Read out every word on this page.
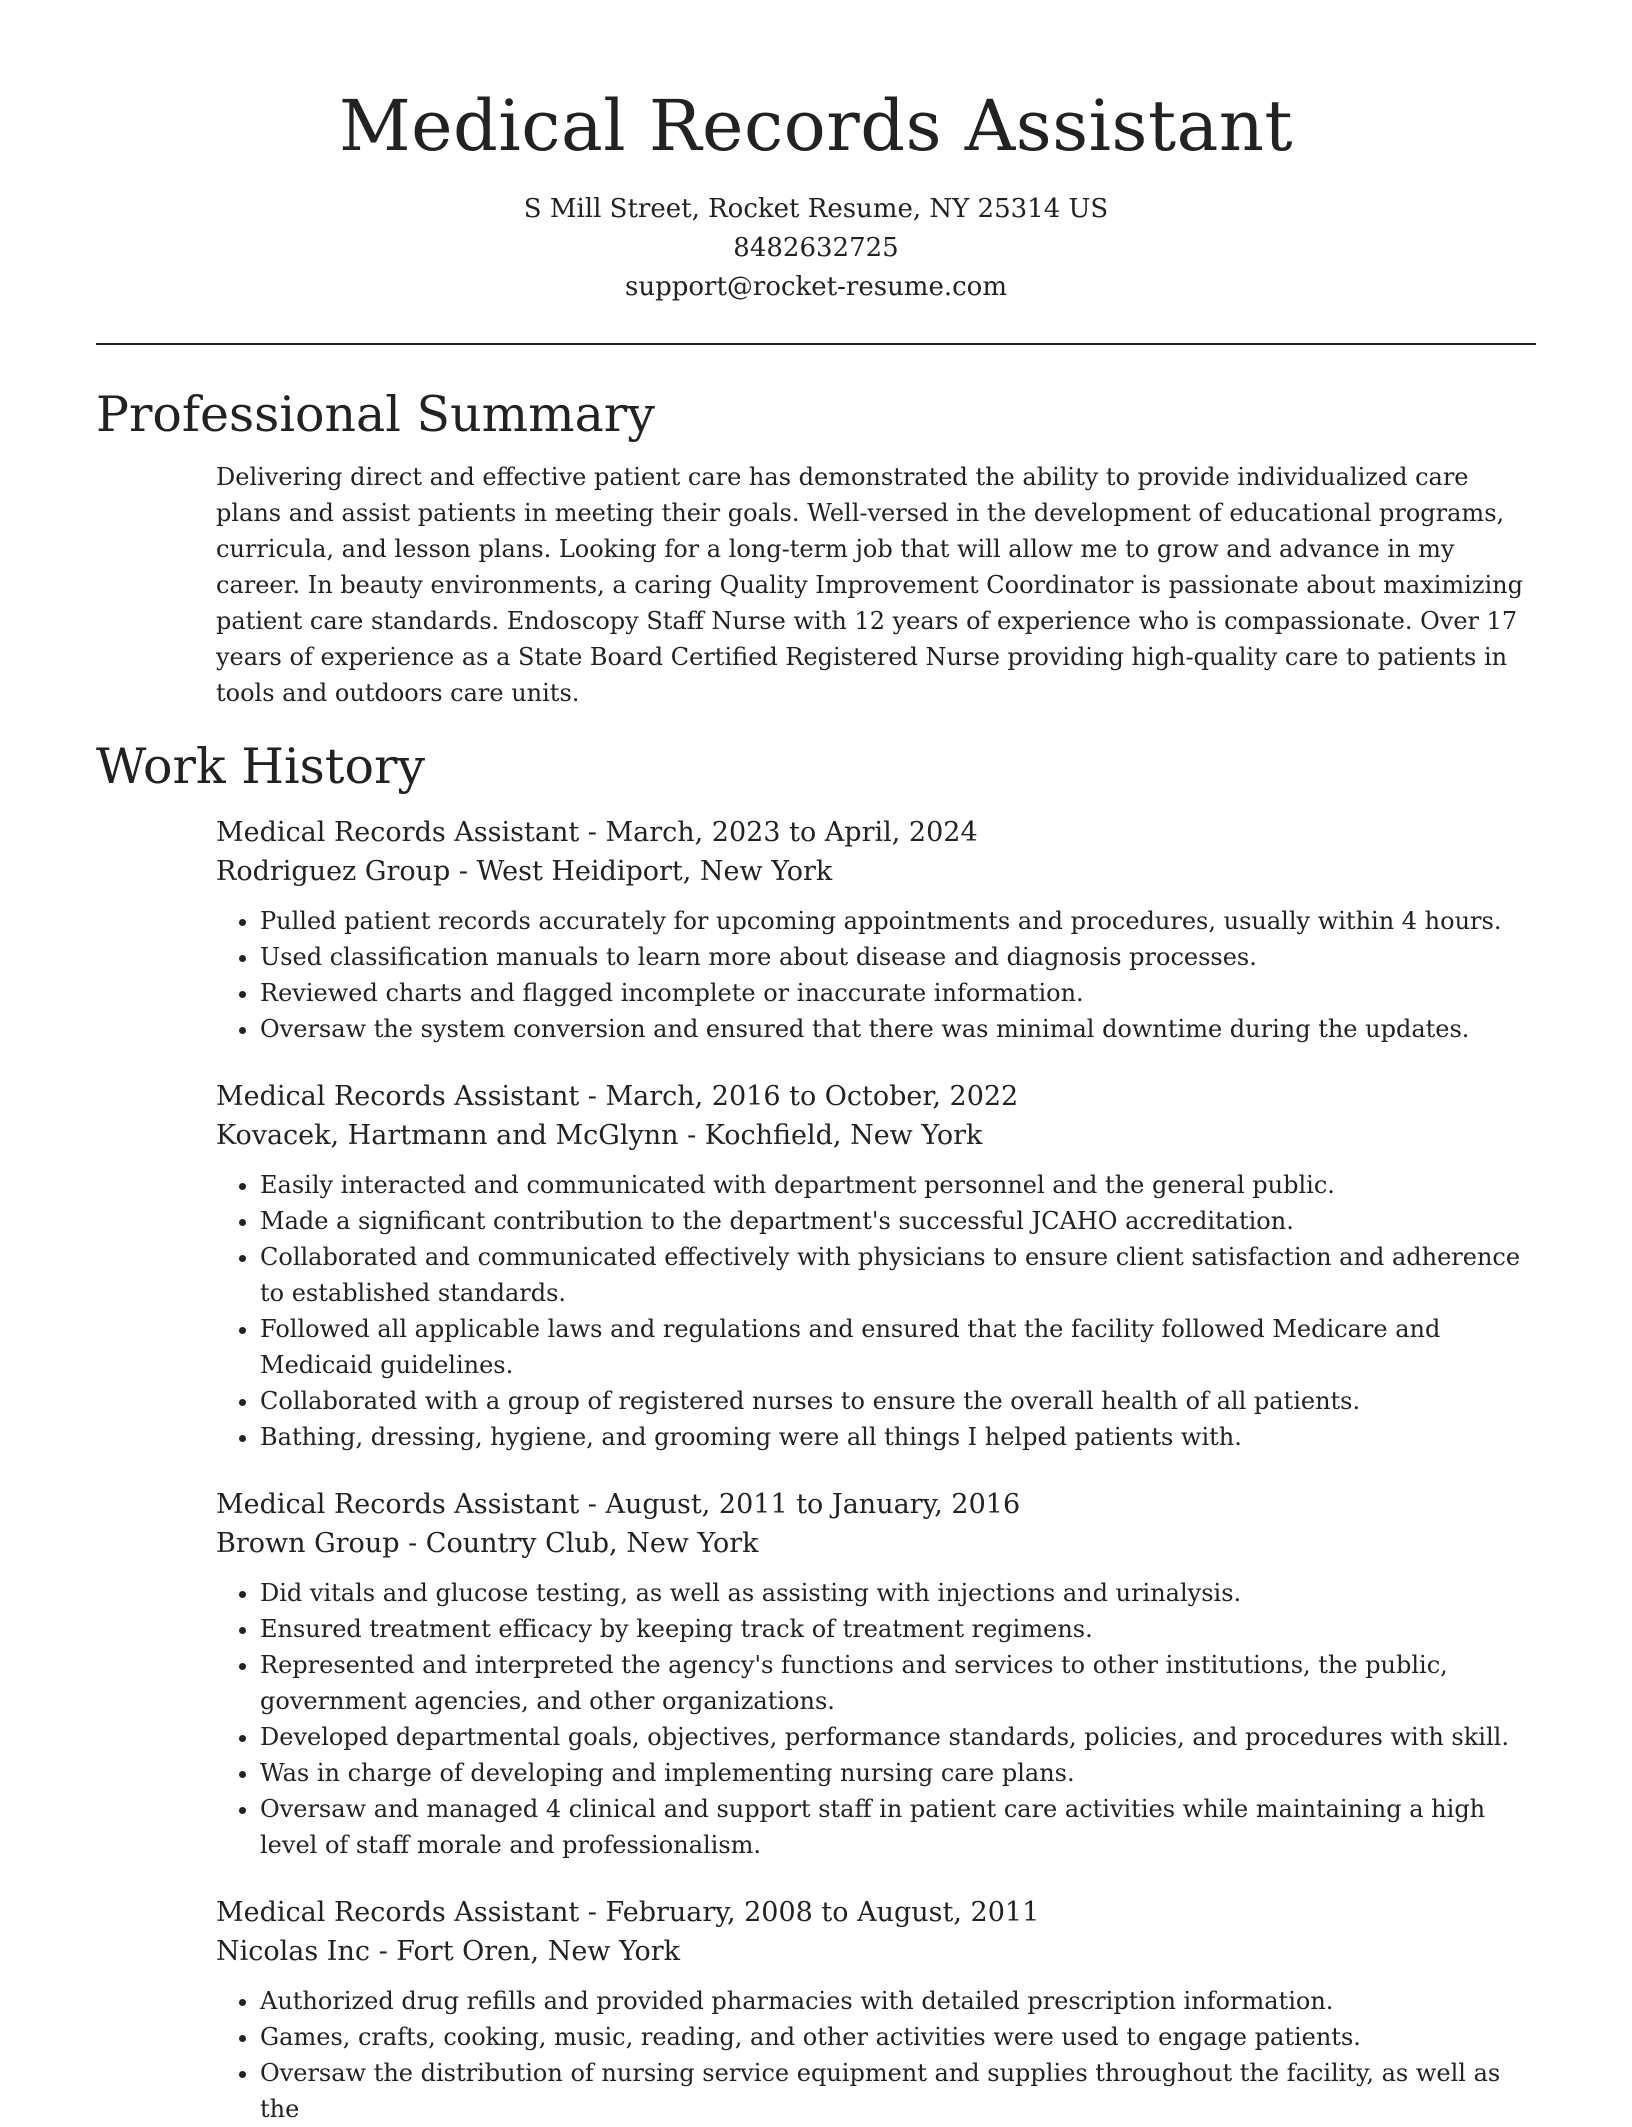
Medical Records Assistant
S Mill Street, Rocket Resume, NY 25314 US
8482632725
support@rocket-resume.com
Professional Summary
Delivering direct and effective patient care has demonstrated the ability to provide individualized care plans and assist patients in meeting their goals. Well-versed in the development of educational programs, curricula, and lesson plans. Looking for a long-term job that will allow me to grow and advance in my career. In beauty environments, a caring Quality Improvement Coordinator is passionate about maximizing patient care standards. Endoscopy Staff Nurse with 12 years of experience who is compassionate. Over 17 years of experience as a State Board Certified Registered Nurse providing high-quality care to patients in tools and outdoors care units.
Work History
Medical Records Assistant - March, 2023 to April, 2024
Rodriguez Group - West Heidiport, New York
• Pulled patient records accurately for upcoming appointments and procedures, usually within 4 hours.
• Used classification manuals to learn more about disease and diagnosis processes.
• Reviewed charts and flagged incomplete or inaccurate information.
• Oversaw the system conversion and ensured that there was minimal downtime during the updates.
Medical Records Assistant - March, 2016 to October, 2022
Kovacek, Hartmann and McGlynn - Kochfield, New York
• Easily interacted and communicated with department personnel and the general public.
• Made a significant contribution to the department's successful JCAHO accreditation.
• Collaborated and communicated effectively with physicians to ensure client satisfaction and adherence to established standards.
• Followed all applicable laws and regulations and ensured that the facility followed Medicare and Medicaid guidelines.
• Collaborated with a group of registered nurses to ensure the overall health of all patients.
• Bathing, dressing, hygiene, and grooming were all things I helped patients with.
Medical Records Assistant - August, 2011 to January, 2016
Brown Group - Country Club, New York
• Did vitals and glucose testing, as well as assisting with injections and urinalysis.
• Ensured treatment efficacy by keeping track of treatment regimens.
• Represented and interpreted the agency's functions and services to other institutions, the public, government agencies, and other organizations.
• Developed departmental goals, objectives, performance standards, policies, and procedures with skill.
• Was in charge of developing and implementing nursing care plans.
• Oversaw and managed 4 clinical and support staff in patient care activities while maintaining a high level of staff morale and professionalism.
Medical Records Assistant - February, 2008 to August, 2011
Nicolas Inc - Fort Oren, New York
• Authorized drug refills and provided pharmacies with detailed prescription information.
• Games, crafts, cooking, music, reading, and other activities were used to engage patients.
• Oversaw the distribution of nursing service equipment and supplies throughout the facility, as well as the
